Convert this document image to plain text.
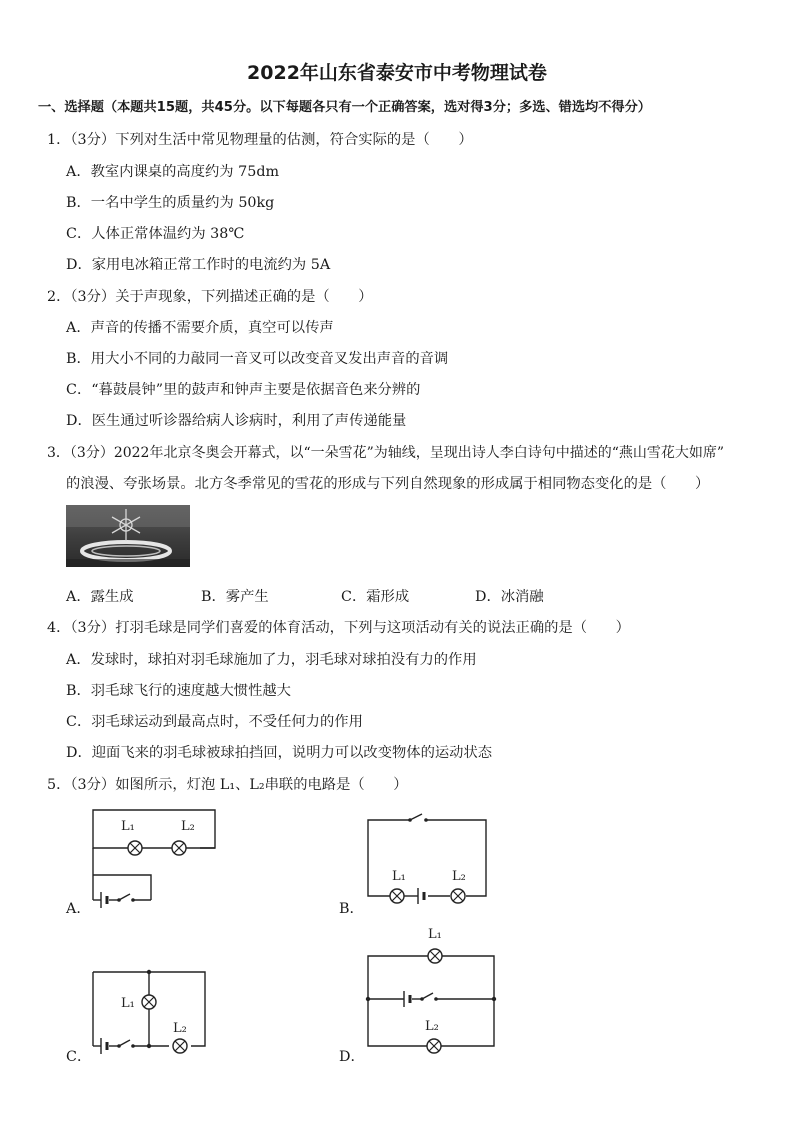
2022年山东省泰安市中考物理试卷
一、选择题（本题共15题，共45分。以下每题各只有一个正确答案，选对得3分；多选、错选均不得分）
1．（3分）下列对生活中常见物理量的估测，符合实际的是（　　）
A．教室内课桌的高度约为 75dm
B．一名中学生的质量约为 50kg
C．人体正常体温约为 38℃
D．家用电冰箱正常工作时的电流约为 5A
2．（3分）关于声现象，下列描述正确的是（　　）
A．声音的传播不需要介质，真空可以传声
B．用大小不同的力敲同一音叉可以改变音叉发出声音的音调
C．“暮鼓晨钟”里的鼓声和钟声主要是依据音色来分辨的
D．医生通过听诊器给病人诊病时，利用了声传递能量
3．（3分）2022年北京冬奥会开幕式，以“一朵雪花”为轴线，呈现出诗人李白诗句中描述的“燕山雪花大如席”
的浪漫、夸张场景。北方冬季常见的雪花的形成与下列自然现象的形成属于相同物态变化的是（　　）
A．露生成	B．雾产生	C．霜形成	D．冰消融
4．（3分）打羽毛球是同学们喜爱的体育活动，下列与这项活动有关的说法正确的是（　　）
A．发球时，球拍对羽毛球施加了力，羽毛球对球拍没有力的作用
B．羽毛球飞行的速度越大惯性越大
C．羽毛球运动到最高点时，不受任何力的作用
D．迎面飞来的羽毛球被球拍挡回，说明力可以改变物体的运动状态
5．（3分）如图所示，灯泡 L₁、L₂串联的电路是（　　）
A．	B．
C．	D．
L₁	L₂
L₁	L₂
L₁
L₂
L₁
L₂
